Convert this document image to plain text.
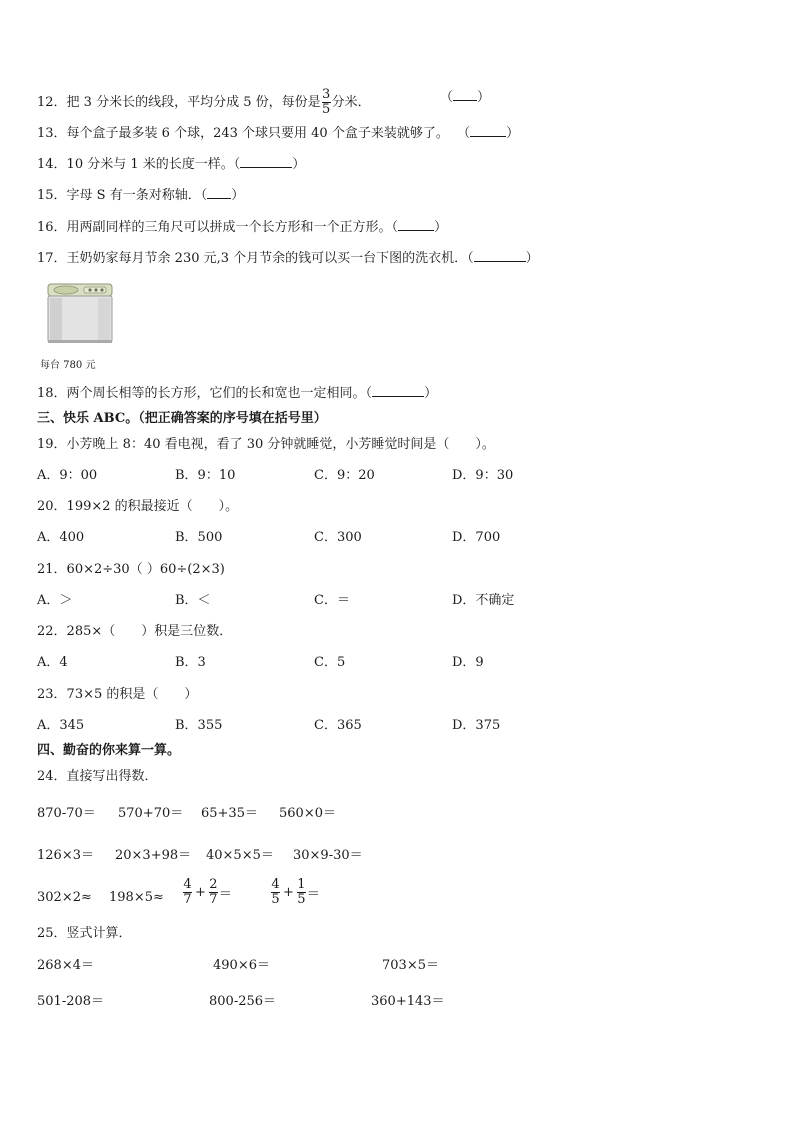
12．把 3 分米长的线段，平均分成 5 份，每份是 $\frac{3}{5}$ 分米．	（ ）
13．每个盒子最多装 6 个球，243 个球只要用 40 个盒子来装就够了。 （	）
14．10 分米与 1 米的长度一样。（	）
15．字母 S 有一条对称轴．（ ）
16．用两副同样的三角尺可以拼成一个长方形和一个正方形。（	）
17．王奶奶家每月节余 230 元,3 个月节余的钱可以买一台下图的洗衣机．（	）
每台 780 元
18．两个周长相等的长方形，它们的长和宽也一定相同。（	）
三、快乐 ABC。（把正确答案的序号填在括号里）
19．小芳晚上 8：40 看电视，看了 30 分钟就睡觉，小芳睡觉时间是（　　）。
A．9：00	B．9：10	C．9：20	D．9：30
20．199×2 的积最接近（　　）。
A．400	B．500	C．300	D．700
21．60×2÷30（ ）60÷(2×3)
A．＞	B．＜	C．＝	D．不确定
22．285×（　　）积是三位数．
A．4	B．3	C．5	D．9
23．73×5 的积是（　　）
A．345	B．355	C．365	D．375
四、勤奋的你来算一算。
24．直接写出得数．
870-70＝ 570+70＝ 65+35＝ 560×0＝
126×3＝ 20×3+98＝ 40×5×5＝ 30×9-30＝
$302\times 2\approx 198\times 5\approx \frac{4}{7} + \frac{2}{7}$ ＝	$\frac{4}{5} + \frac{1}{5}$ ＝
25．竖式计算．
268×4＝	490×6＝	703×5＝
501-208＝	800-256＝	360+143＝
